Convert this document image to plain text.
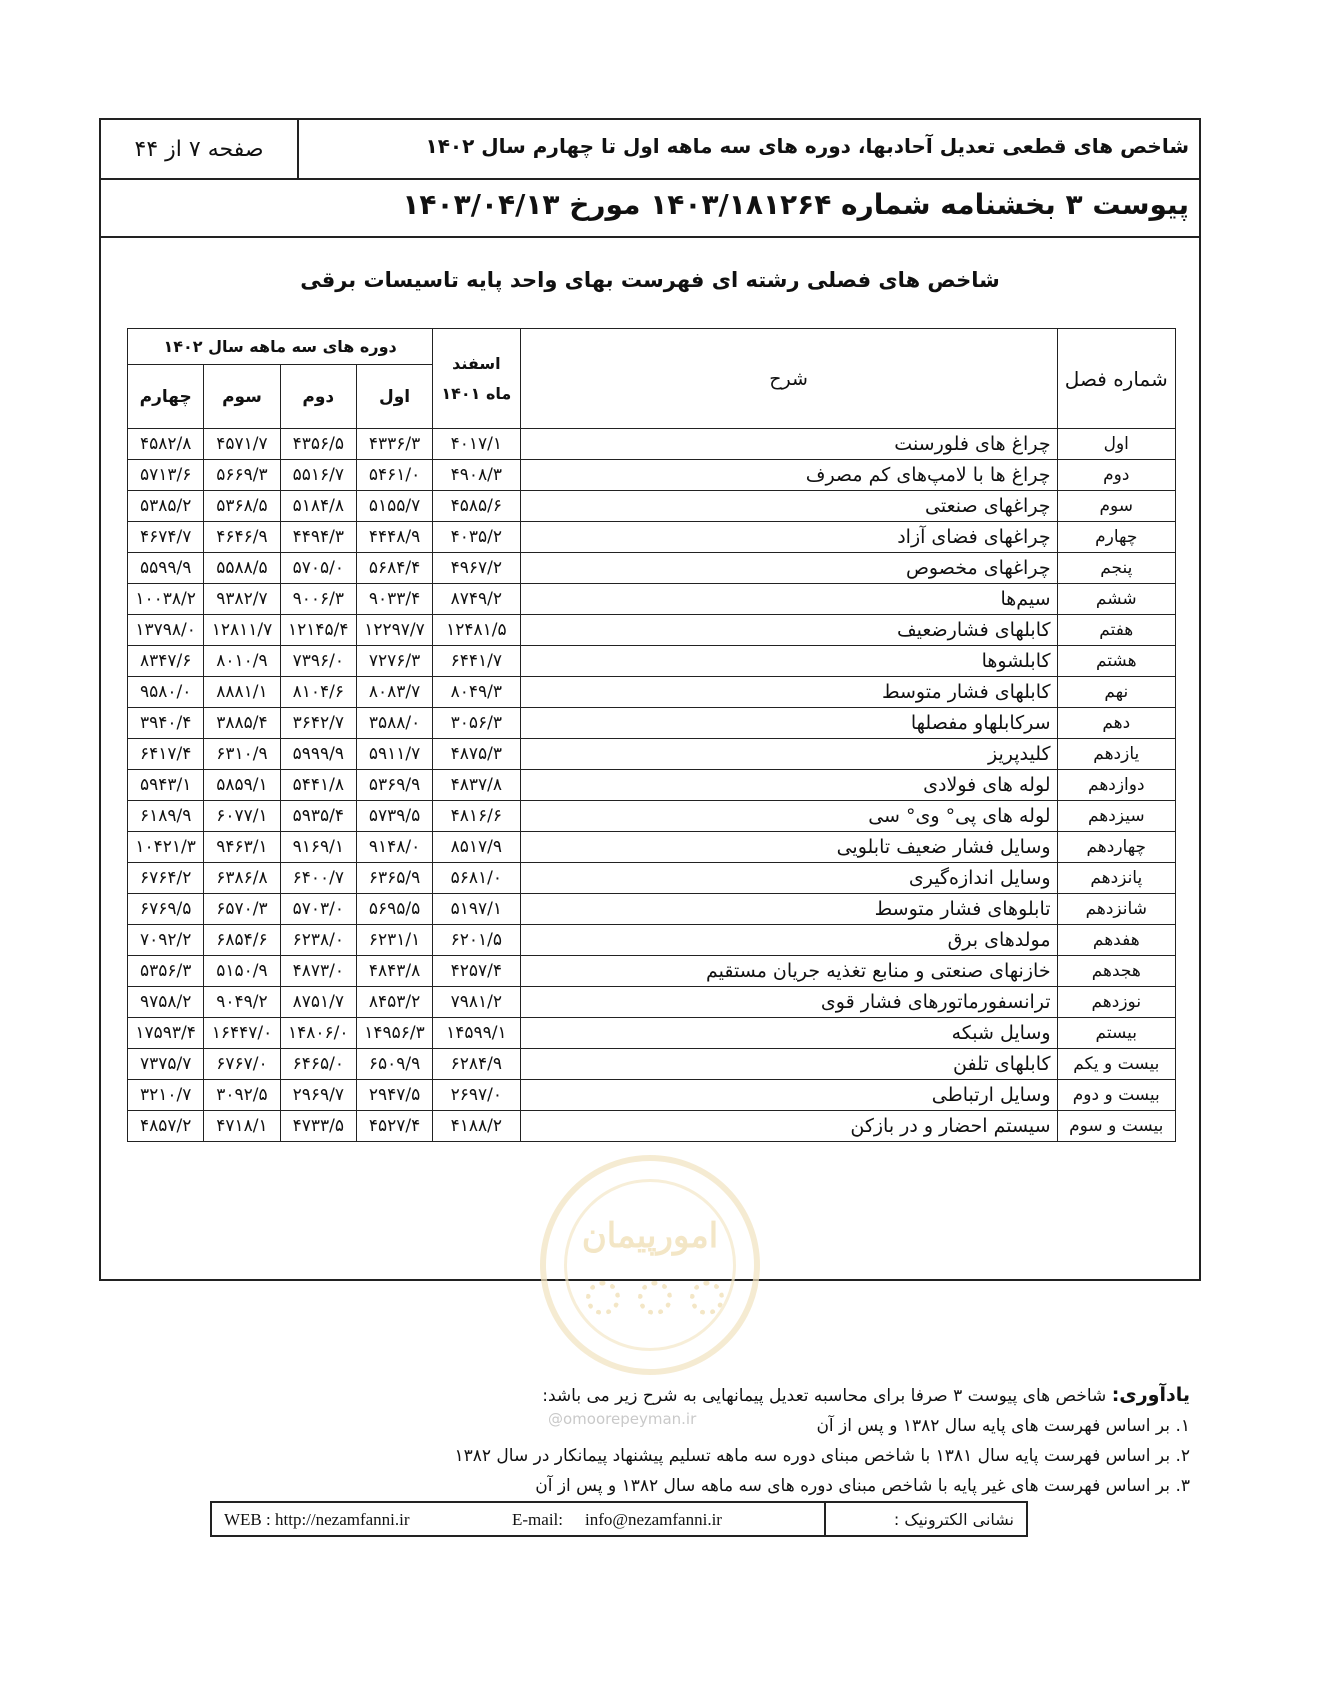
صفحه ۷ از ۴۴	شاخص های قطعی تعدیل آحادبها، دوره های سه ماهه اول تا چهارم سال ۱۴۰۲
پیوست ۳ بخشنامه شماره ۱۴۰۳/۱۸۱۲۶۴ مورخ ۱۴۰۳/۰۴/۱۳
شاخص های فصلی رشته ای فهرست بهای واحد پایه تاسیسات برقی
شماره فصل	شرح	اسفند ماه ۱۴۰۱	دوره های سه ماهه سال ۱۴۰۲			
			اول	دوم	سوم	چهارم
اول	چراغ های فلورسنت	۴۰۱۷/۱	۴۳۳۶/۳	۴۳۵۶/۵	۴۵۷۱/۷	۴۵۸۲/۸
دوم	چراغ ها با لامپ‌های کم مصرف	۴۹۰۸/۳	۵۴۶۱/۰	۵۵۱۶/۷	۵۶۶۹/۳	۵۷۱۳/۶
سوم	چراغهای صنعتی	۴۵۸۵/۶	۵۱۵۵/۷	۵۱۸۴/۸	۵۳۶۸/۵	۵۳۸۵/۲
چهارم	چراغهای فضای آزاد	۴۰۳۵/۲	۴۴۴۸/۹	۴۴۹۴/۳	۴۶۴۶/۹	۴۶۷۴/۷
پنجم	چراغهای مخصوص	۴۹۶۷/۲	۵۶۸۴/۴	۵۷۰۵/۰	۵۵۸۸/۵	۵۵۹۹/۹
ششم	سیم‌ها	۸۷۴۹/۲	۹۰۳۳/۴	۹۰۰۶/۳	۹۳۸۲/۷	۱۰۰۳۸/۲
هفتم	کابلهای فشارضعیف	۱۲۴۸۱/۵	۱۲۲۹۷/۷	۱۲۱۴۵/۴	۱۲۸۱۱/۷	۱۳۷۹۸/۰
هشتم	کابلشوها	۶۴۴۱/۷	۷۲۷۶/۳	۷۳۹۶/۰	۸۰۱۰/۹	۸۳۴۷/۶
نهم	کابلهای فشار متوسط	۸۰۴۹/۳	۸۰۸۳/۷	۸۱۰۴/۶	۸۸۸۱/۱	۹۵۸۰/۰
دهم	سرکابلهاو مفصلها	۳۰۵۶/۳	۳۵۸۸/۰	۳۶۴۲/۷	۳۸۸۵/۴	۳۹۴۰/۴
یازدهم	کلیدپریز	۴۸۷۵/۳	۵۹۱۱/۷	۵۹۹۹/۹	۶۳۱۰/۹	۶۴۱۷/۴
دوازدهم	لوله های فولادی	۴۸۳۷/۸	۵۳۶۹/۹	۵۴۴۱/۸	۵۸۵۹/۱	۵۹۴۳/۱
سیزدهم	لوله های پی° وی° سی	۴۸۱۶/۶	۵۷۳۹/۵	۵۹۳۵/۴	۶۰۷۷/۱	۶۱۸۹/۹
چهاردهم	وسایل فشار ضعیف تابلویی	۸۵۱۷/۹	۹۱۴۸/۰	۹۱۶۹/۱	۹۴۶۳/۱	۱۰۴۲۱/۳
پانزدهم	وسایل اندازه‌گیری	۵۶۸۱/۰	۶۳۶۵/۹	۶۴۰۰/۷	۶۳۸۶/۸	۶۷۶۴/۲
شانزدهم	تابلوهای فشار متوسط	۵۱۹۷/۱	۵۶۹۵/۵	۵۷۰۳/۰	۶۵۷۰/۳	۶۷۶۹/۵
هفدهم	مولدهای برق	۶۲۰۱/۵	۶۲۳۱/۱	۶۲۳۸/۰	۶۸۵۴/۶	۷۰۹۲/۲
هجدهم	خازنهای صنعتی و منابع تغذیه جریان مستقیم	۴۲۵۷/۴	۴۸۴۳/۸	۴۸۷۳/۰	۵۱۵۰/۹	۵۳۵۶/۳
نوزدهم	ترانسفورماتورهای فشار قوی	۷۹۸۱/۲	۸۴۵۳/۲	۸۷۵۱/۷	۹۰۴۹/۲	۹۷۵۸/۲
بیستم	وسایل شبکه	۱۴۵۹۹/۱	۱۴۹۵۶/۳	۱۴۸۰۶/۰	۱۶۴۴۷/۰	۱۷۵۹۳/۴
بیست و یکم	کابلهای تلفن	۶۲۸۴/۹	۶۵۰۹/۹	۶۴۶۵/۰	۶۷۶۷/۰	۷۳۷۵/۷
بیست و دوم	وسایل ارتباطی	۲۶۹۷/۰	۲۹۴۷/۵	۲۹۶۹/۷	۳۰۹۲/۵	۳۲۱۰/۷
بیست و سوم	سیستم احضار و در بازکن	۴۱۸۸/۲	۴۵۲۷/۴	۴۷۳۳/۵	۴۷۱۸/۱	۴۸۵۷/۲
امورپیمان
@omoorepeyman.ir
یادآوری: شاخص های پیوست ۳ صرفا برای محاسبه تعدیل پیمانهایی به شرح زیر می باشد:
۱. بر اساس فهرست های پایه سال ۱۳۸۲ و پس از آن
۲. بر اساس فهرست پایه سال ۱۳۸۱ با شاخص مبنای دوره سه ماهه تسلیم پیشنهاد پیمانکار در سال ۱۳۸۲
۳. بر اساس فهرست های غیر پایه با شاخص مبنای دوره های سه ماهه سال ۱۳۸۲ و پس از آن
WEB : http://nezamfanni.ir	E-mail: info@nezamfanni.ir	نشانی الکترونیک :
